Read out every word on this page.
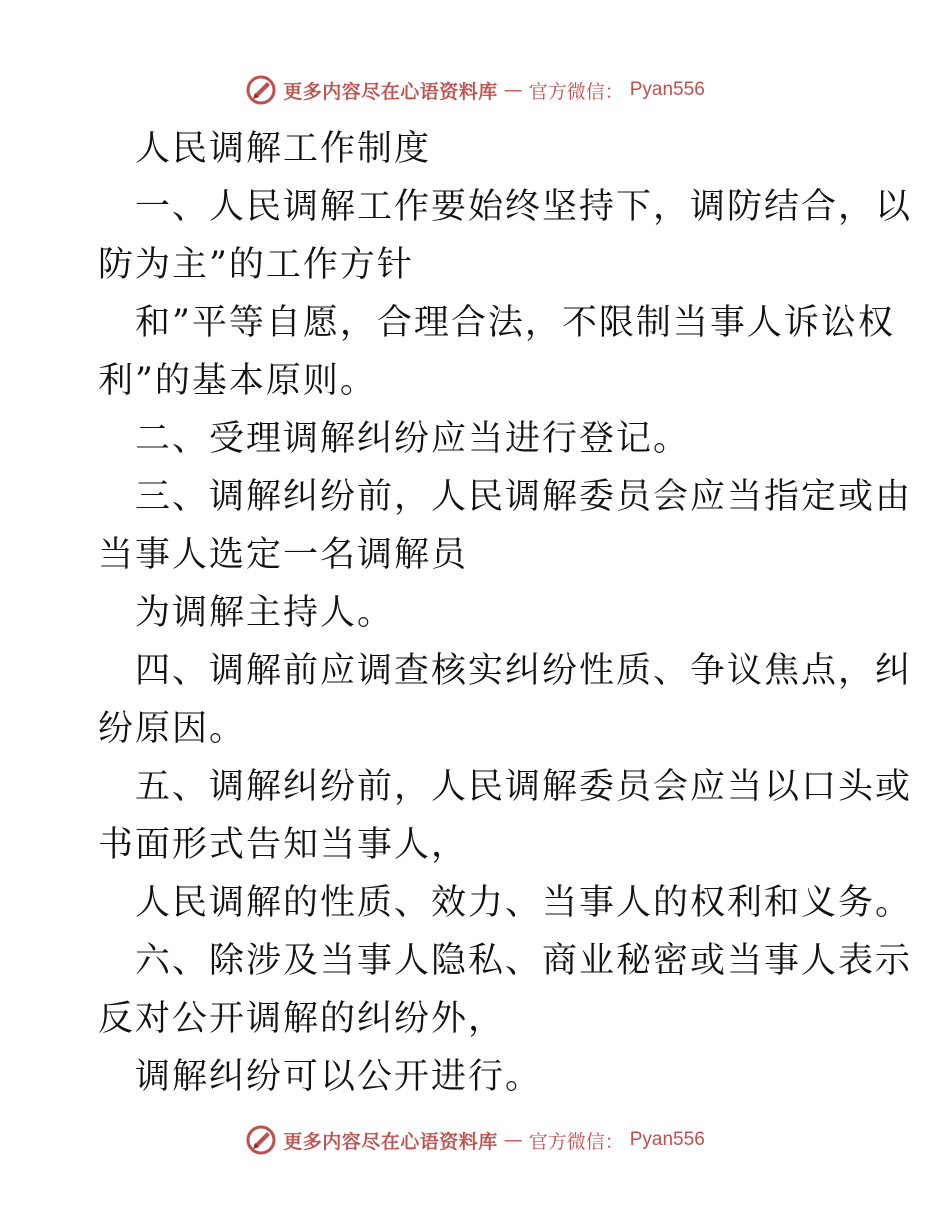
更多内容尽在心语资料库 — 官方微信： Pyan556
人民调解工作制度
一、人民调解工作要始终坚持下，调防结合，以
防为主”的工作方针
和”平等自愿，合理合法，不限制当事人诉讼权
利”的基本原则。
二、受理调解纠纷应当进行登记。
三、调解纠纷前，人民调解委员会应当指定或由
当事人选定一名调解员
为调解主持人。
四、调解前应调查核实纠纷性质、争议焦点，纠
纷原因。
五、调解纠纷前，人民调解委员会应当以口头或
书面形式告知当事人，
人民调解的性质、效力、当事人的权利和义务。
六、除涉及当事人隐私、商业秘密或当事人表示
反对公开调解的纠纷外，
调解纠纷可以公开进行。
更多内容尽在心语资料库 — 官方微信： Pyan556
